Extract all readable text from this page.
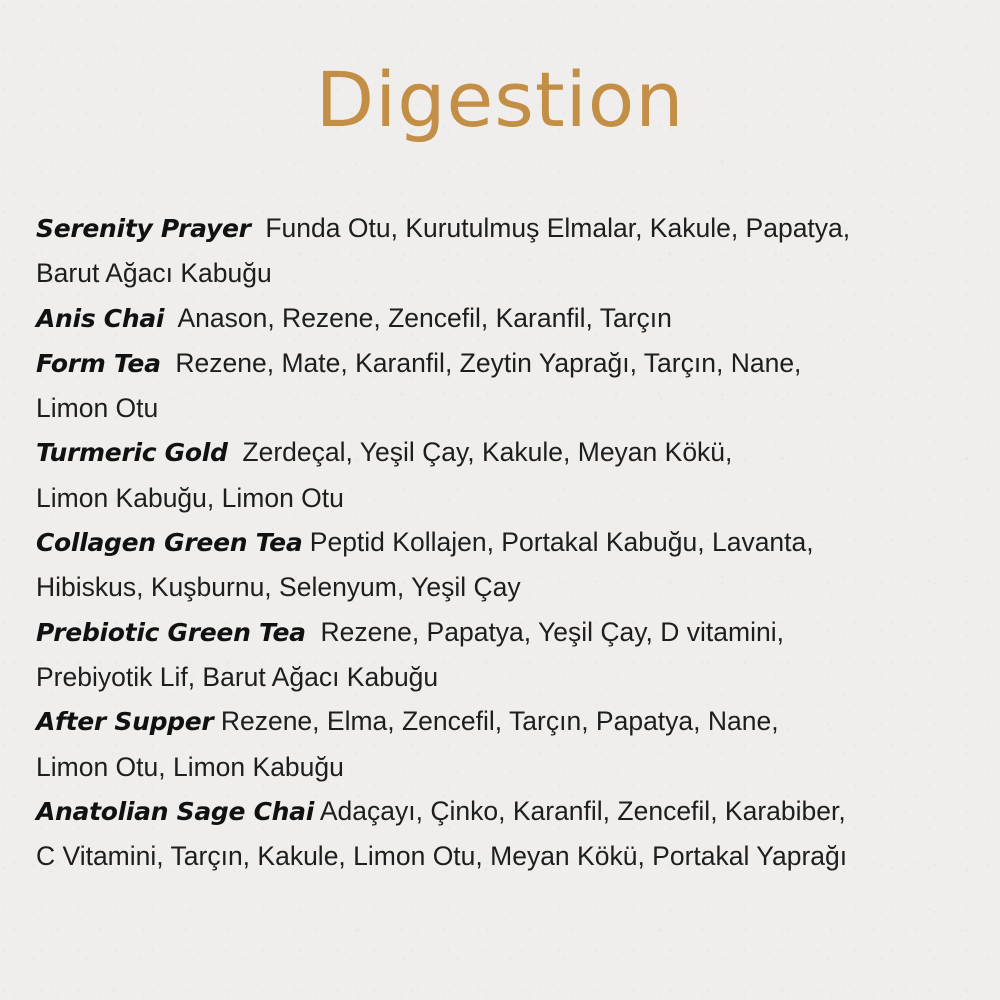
Digestion
Serenity Prayer Funda Otu, Kurutulmuş Elmalar, Kakule, Papatya,
Barut Ağacı Kabuğu
Anis Chai Anason, Rezene, Zencefil, Karanfil, Tarçın
Form Tea Rezene, Mate, Karanfil, Zeytin Yaprağı, Tarçın, Nane,
Limon Otu
Turmeric Gold Zerdeçal, Yeşil Çay, Kakule, Meyan Kökü,
Limon Kabuğu, Limon Otu
Collagen Green Tea Peptid Kollajen, Portakal Kabuğu, Lavanta,
Hibiskus, Kuşburnu, Selenyum, Yeşil Çay
Prebiotic Green Tea Rezene, Papatya, Yeşil Çay, D vitamini,
Prebiyotik Lif, Barut Ağacı Kabuğu
After Supper Rezene, Elma, Zencefil, Tarçın, Papatya, Nane,
Limon Otu, Limon Kabuğu
Anatolian Sage Chai Adaçayı, Çinko, Karanfil, Zencefil, Karabiber,
C Vitamini, Tarçın, Kakule, Limon Otu, Meyan Kökü, Portakal Yaprağı
